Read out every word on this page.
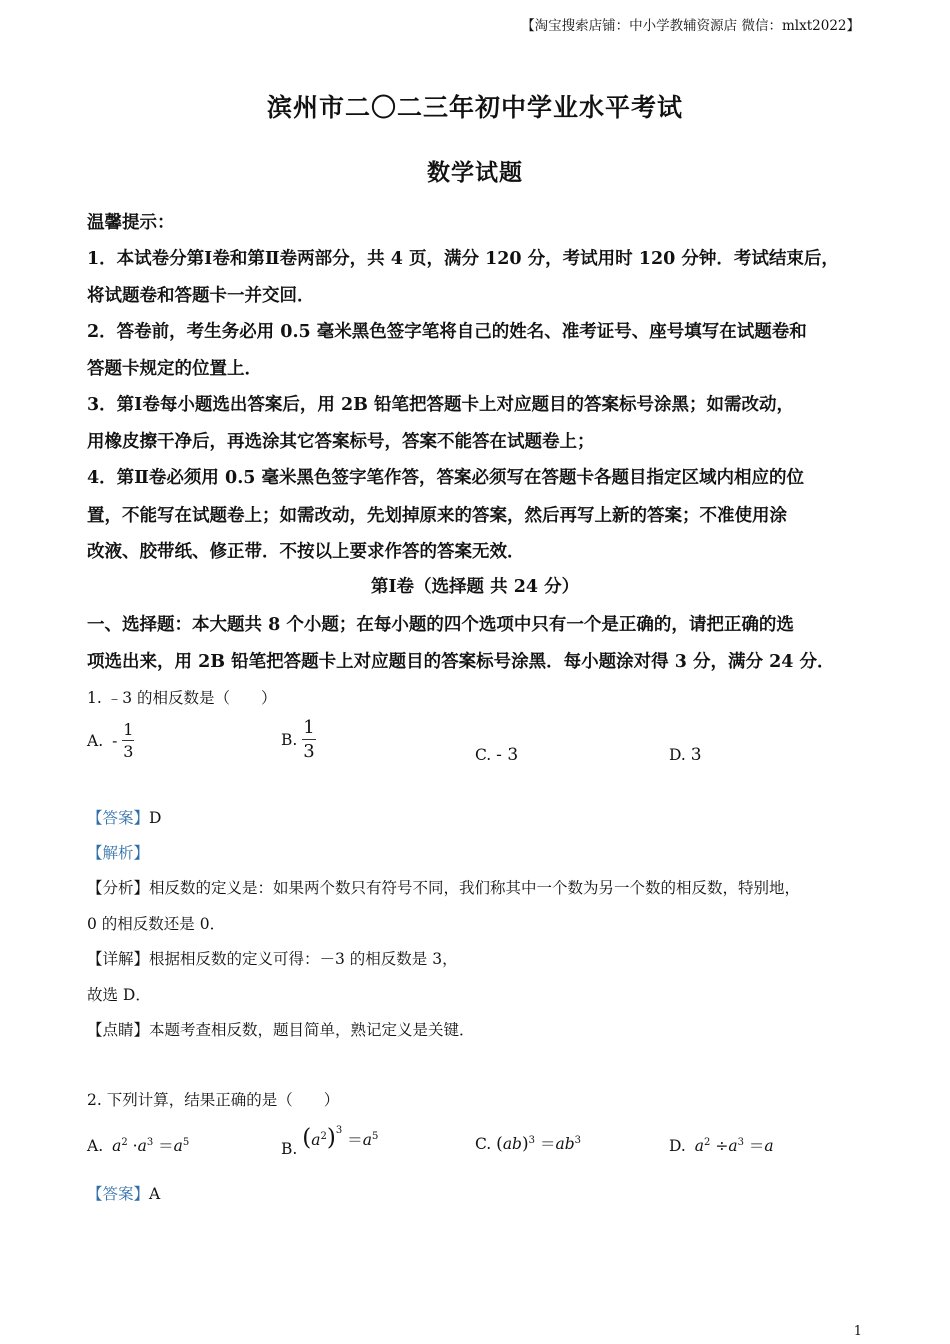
【淘宝搜索店铺：中小学教辅资源店 微信：mlxt2022】
滨州市二〇二三年初中学业水平考试
数学试题
温馨提示：
1．本试卷分第Ⅰ卷和第Ⅱ卷两部分，共 4 页，满分 120 分，考试用时 120 分钟．考试结束后，
将试题卷和答题卡一并交回．
2．答卷前，考生务必用 0.5 毫米黑色签字笔将自己的姓名、准考证号、座号填写在试题卷和
答题卡规定的位置上．
3．第Ⅰ卷每小题选出答案后，用 2B 铅笔把答题卡上对应题目的答案标号涂黑；如需改动，
用橡皮擦干净后，再选涂其它答案标号，答案不能答在试题卷上；
4．第Ⅱ卷必须用 0.5 毫米黑色签字笔作答，答案必须写在答题卡各题目指定区域内相应的位
置，不能写在试题卷上；如需改动，先划掉原来的答案，然后再写上新的答案；不准使用涂
改液、胶带纸、修正带．不按以上要求作答的答案无效．
第Ⅰ卷（选择题 共 24 分）
一、选择题：本大题共 8 个小题；在每小题的四个选项中只有一个是正确的，请把正确的选
项选出来，用 2B 铅笔把答题卡上对应题目的答案标号涂黑．每小题涂对得 3 分，满分 24 分．
1. ﹣3 的相反数是（　　）
A. - $\frac{1}{3}$	B. $\frac{1}{3}$	C. - 3	D. 3
【答案】D
【解析】
【分析】相反数的定义是：如果两个数只有符号不同，我们称其中一个数为另一个数的相反数，特别地，
0 的相反数还是 0．
【详解】根据相反数的定义可得：－3 的相反数是 3，
故选 D．
【点睛】本题考查相反数，题目简单，熟记定义是关键．
2. 下列计算，结果正确的是（　　）
A. $a^2 \cdot a^3 =a^5$	B. $(a^2)^3 =a^5$	C. $(ab)^3 =ab^3$	D. $a^2 \div a^3 =a$
【答案】A
1
